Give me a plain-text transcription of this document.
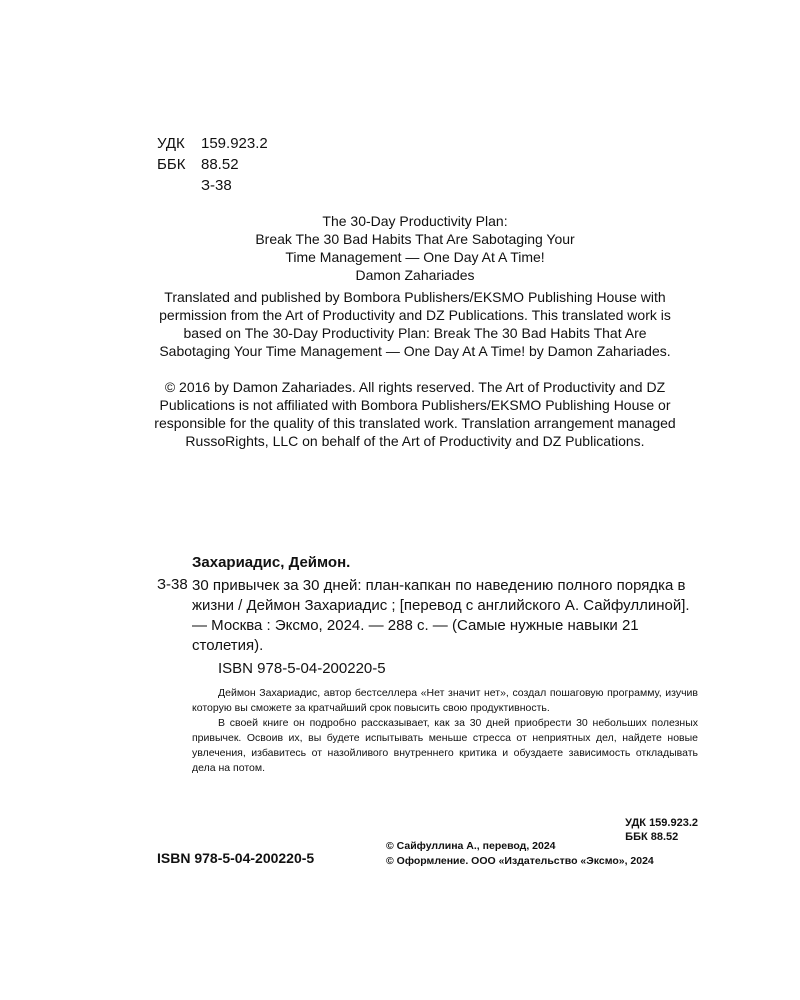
УДК	159.923.2
ББК	88.52
З-38
The 30-Day Productivity Plan:
Break The 30 Bad Habits That Are Sabotaging Your
Time Management — One Day At A Time!
Damon Zahariades

Translated and published by Bombora Publishers/EKSMO Publishing House with permission from the Art of Productivity and DZ Publications. This translated work is based on The 30-Day Productivity Plan: Break The 30 Bad Habits That Are Sabotaging Your Time Management — One Day At A Time! by Damon Zahariades.

© 2016 by Damon Zahariades. All rights reserved. The Art of Productivity and DZ Publications is not affiliated with Bombora Publishers/EKSMO Publishing House or responsible for the quality of this translated work. Translation arrangement managed RussoRights, LLC on behalf of the Art of Productivity and DZ Publications.

Захариадис, Деймон.
З-38 30 привычек за 30 дней: план-капкан по наведению полного порядка в жизни / Деймон Захариадис ; [перевод с английского А. Сайфуллиной]. — Москва : Эксмо, 2024. — 288 с. — (Самые нужные навыки 21 столетия).
ISBN 978-5-04-200220-5

Деймон Захариадис, автор бестселлера «Нет значит нет», создал пошаговую программу, изучив которую вы сможете за кратчайший срок повысить свою продуктивность.

В своей книге он подробно рассказывает, как за 30 дней приобрести 30 небольших полезных привычек. Освоив их, вы будете испытывать меньше стресса от неприятных дел, найдете новые увлечения, избавитесь от назойливого внутреннего критика и обуздаете зависимость откладывать дела на потом.

УДК 159.923.2
ББК 88.52
ISBN 978-5-04-200220-5
© Сайфуллина А., перевод, 2024
© Оформление. ООО «Издательство «Эксмо», 2024
